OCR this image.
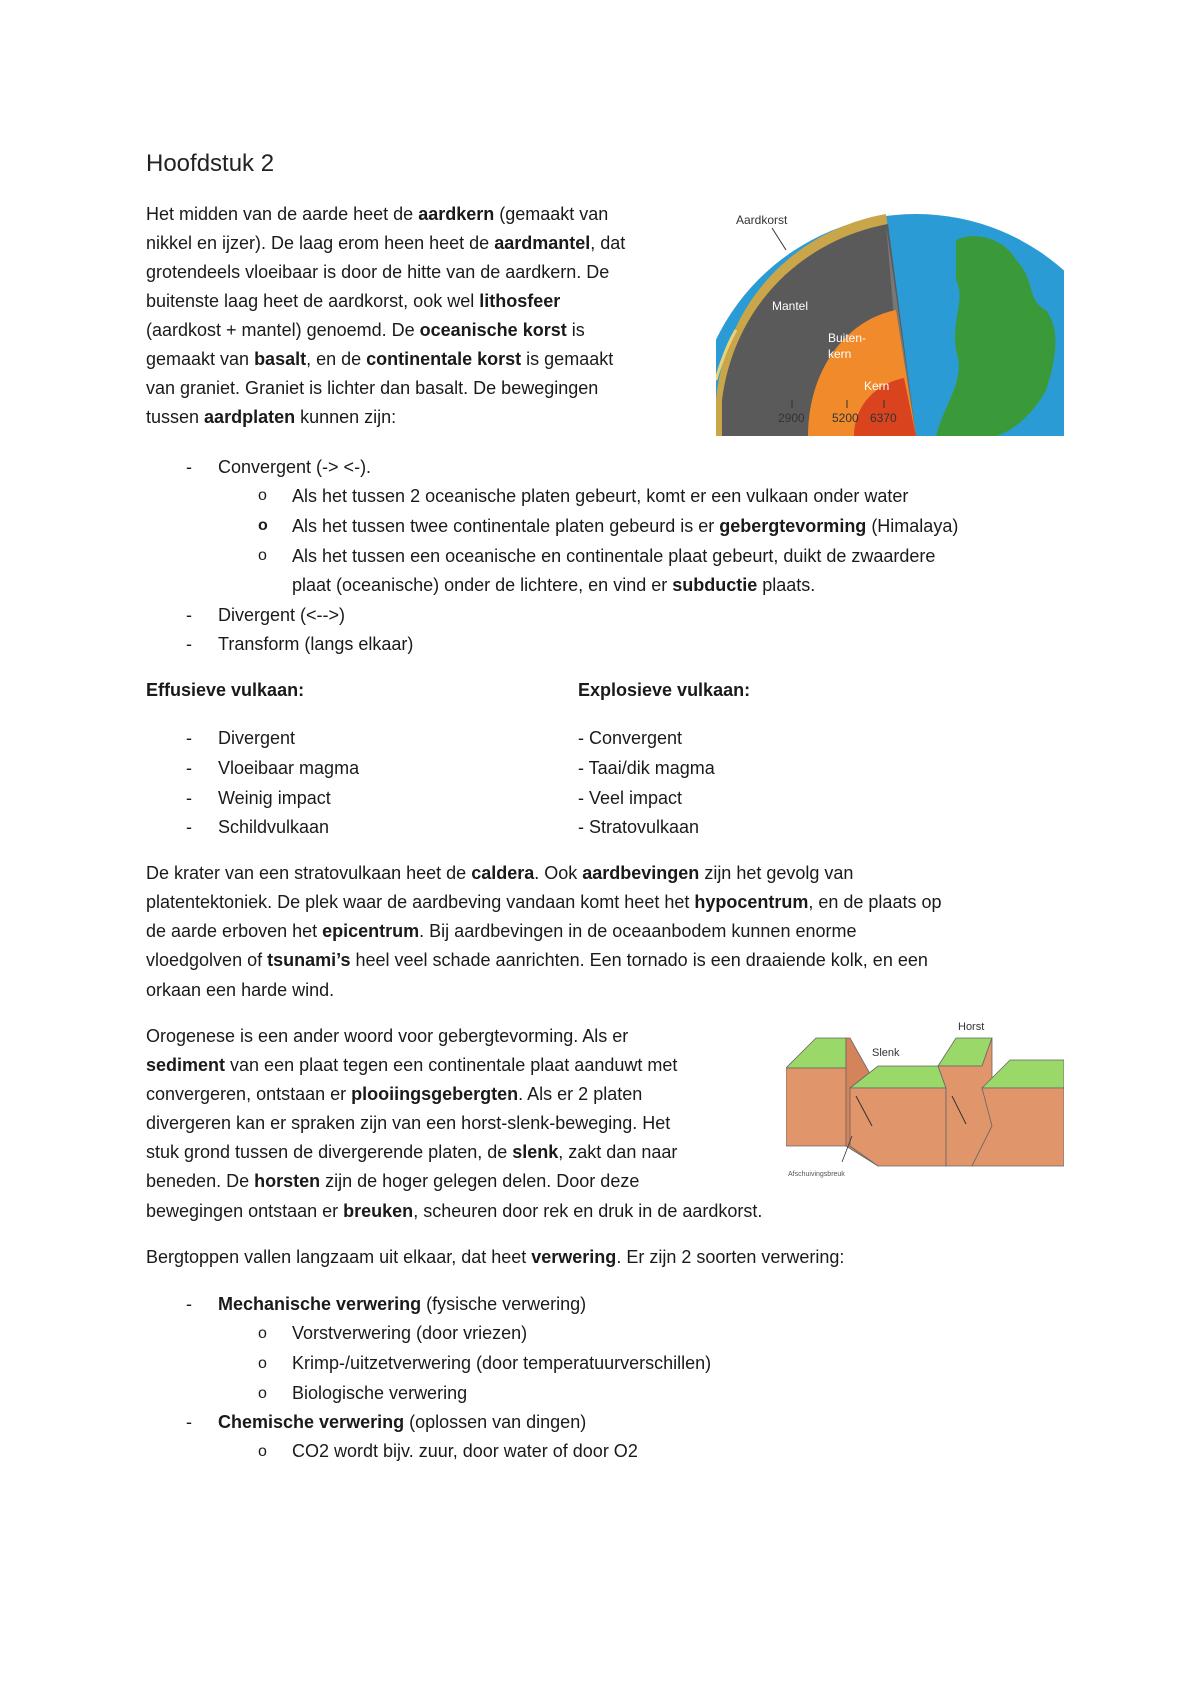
Hoofdstuk 2
Het midden van de aarde heet de aardkern (gemaakt van
nikkel en ijzer). De laag erom heen heet de aardmantel, dat
grotendeels vloeibaar is door de hitte van de aardkern. De
buitenste laag heet de aardkorst, ook wel lithosfeer
(aardkost + mantel) genoemd. De oceanische korst is
gemaakt van basalt, en de continentale korst is gemaakt
van graniet. Graniet is lichter dan basalt. De bewegingen
tussen aardplaten kunnen zijn:
Aardkorst
Mantel
Buiten-
kern
Kern
2900 5200 6370
- Convergent (-> <-).
o Als het tussen 2 oceanische platen gebeurt, komt er een vulkaan onder water
o Als het tussen twee continentale platen gebeurd is er gebergtevorming (Himalaya)
o Als het tussen een oceanische en continentale plaat gebeurt, duikt de zwaardere
plaat (oceanische) onder de lichtere, en vind er subductie plaats.
- Divergent (<-->)
- Transform (langs elkaar)
Effusieve vulkaan:	Explosieve vulkaan:
- Divergent
- Vloeibaar magma
- Weinig impact
- Schildvulkaan
- Convergent
- Taai/dik magma
- Veel impact
- Stratovulkaan
De krater van een stratovulkaan heet de caldera. Ook aardbevingen zijn het gevolg van
platentektoniek. De plek waar de aardbeving vandaan komt heet het hypocentrum, en de plaats op
de aarde erboven het epicentrum. Bij aardbevingen in de oceaanbodem kunnen enorme
vloedgolven of tsunami’s heel veel schade aanrichten. Een tornado is een draaiende kolk, en een
orkaan een harde wind.
Orogenese is een ander woord voor gebergtevorming. Als er
sediment van een plaat tegen een continentale plaat aanduwt met
convergeren, ontstaan er plooiingsgebergten. Als er 2 platen
divergeren kan er spraken zijn van een horst-slenk-beweging. Het
stuk grond tussen de divergerende platen, de slenk, zakt dan naar
beneden. De horsten zijn de hoger gelegen delen. Door deze
bewegingen ontstaan er breuken, scheuren door rek en druk in de aardkorst.
Horst
Slenk
Afschuivingsbreuk
Bergtoppen vallen langzaam uit elkaar, dat heet verwering. Er zijn 2 soorten verwering:
- Mechanische verwering (fysische verwering)
o Vorstverwering (door vriezen)
o Krimp-/uitzetverwering (door temperatuurverschillen)
o Biologische verwering
- Chemische verwering (oplossen van dingen)
o CO2 wordt bijv. zuur, door water of door O2
